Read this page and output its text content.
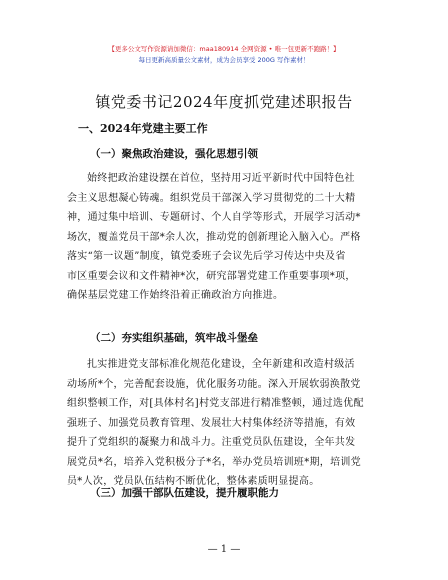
【更多公文写作资源请加微信：maa180914 全网资源 • 唯一包更新不跑路！】
每日更新高质量公文素材，成为会员享受 200G 写作素材！
镇党委书记2024年度抓党建述职报告
一、2024年党建主要工作
（一）聚焦政治建设，强化思想引领
始终把政治建设摆在首位，坚持用习近平新时代中国特色社
会主义思想凝心铸魂。组织党员干部深入学习贯彻党的二十大精
神，通过集中培训、专题研讨、个人自学等形式，开展学习活动*
场次，覆盖党员干部*余人次，推动党的创新理论入脑入心。严格
落实“第一议题”制度，镇党委班子会议先后学习传达中央及省
市区重要会议和文件精神*次，研究部署党建工作重要事项*项，
确保基层党建工作始终沿着正确政治方向推进。
（二）夯实组织基础，筑牢战斗堡垒
扎实推进党支部标准化规范化建设，全年新建和改造村级活
动场所*个，完善配套设施，优化服务功能。深入开展软弱涣散党
组织整顿工作，对[具体村名]村党支部进行精准整顿，通过选优配
强班子、加强党员教育管理、发展壮大村集体经济等措施，有效
提升了党组织的凝聚力和战斗力。注重党员队伍建设，全年共发
展党员*名，培养入党积极分子*名，举办党员培训班*期，培训党
员*人次，党员队伍结构不断优化，整体素质明显提高。
（三）加强干部队伍建设，提升履职能力
— 1 —
